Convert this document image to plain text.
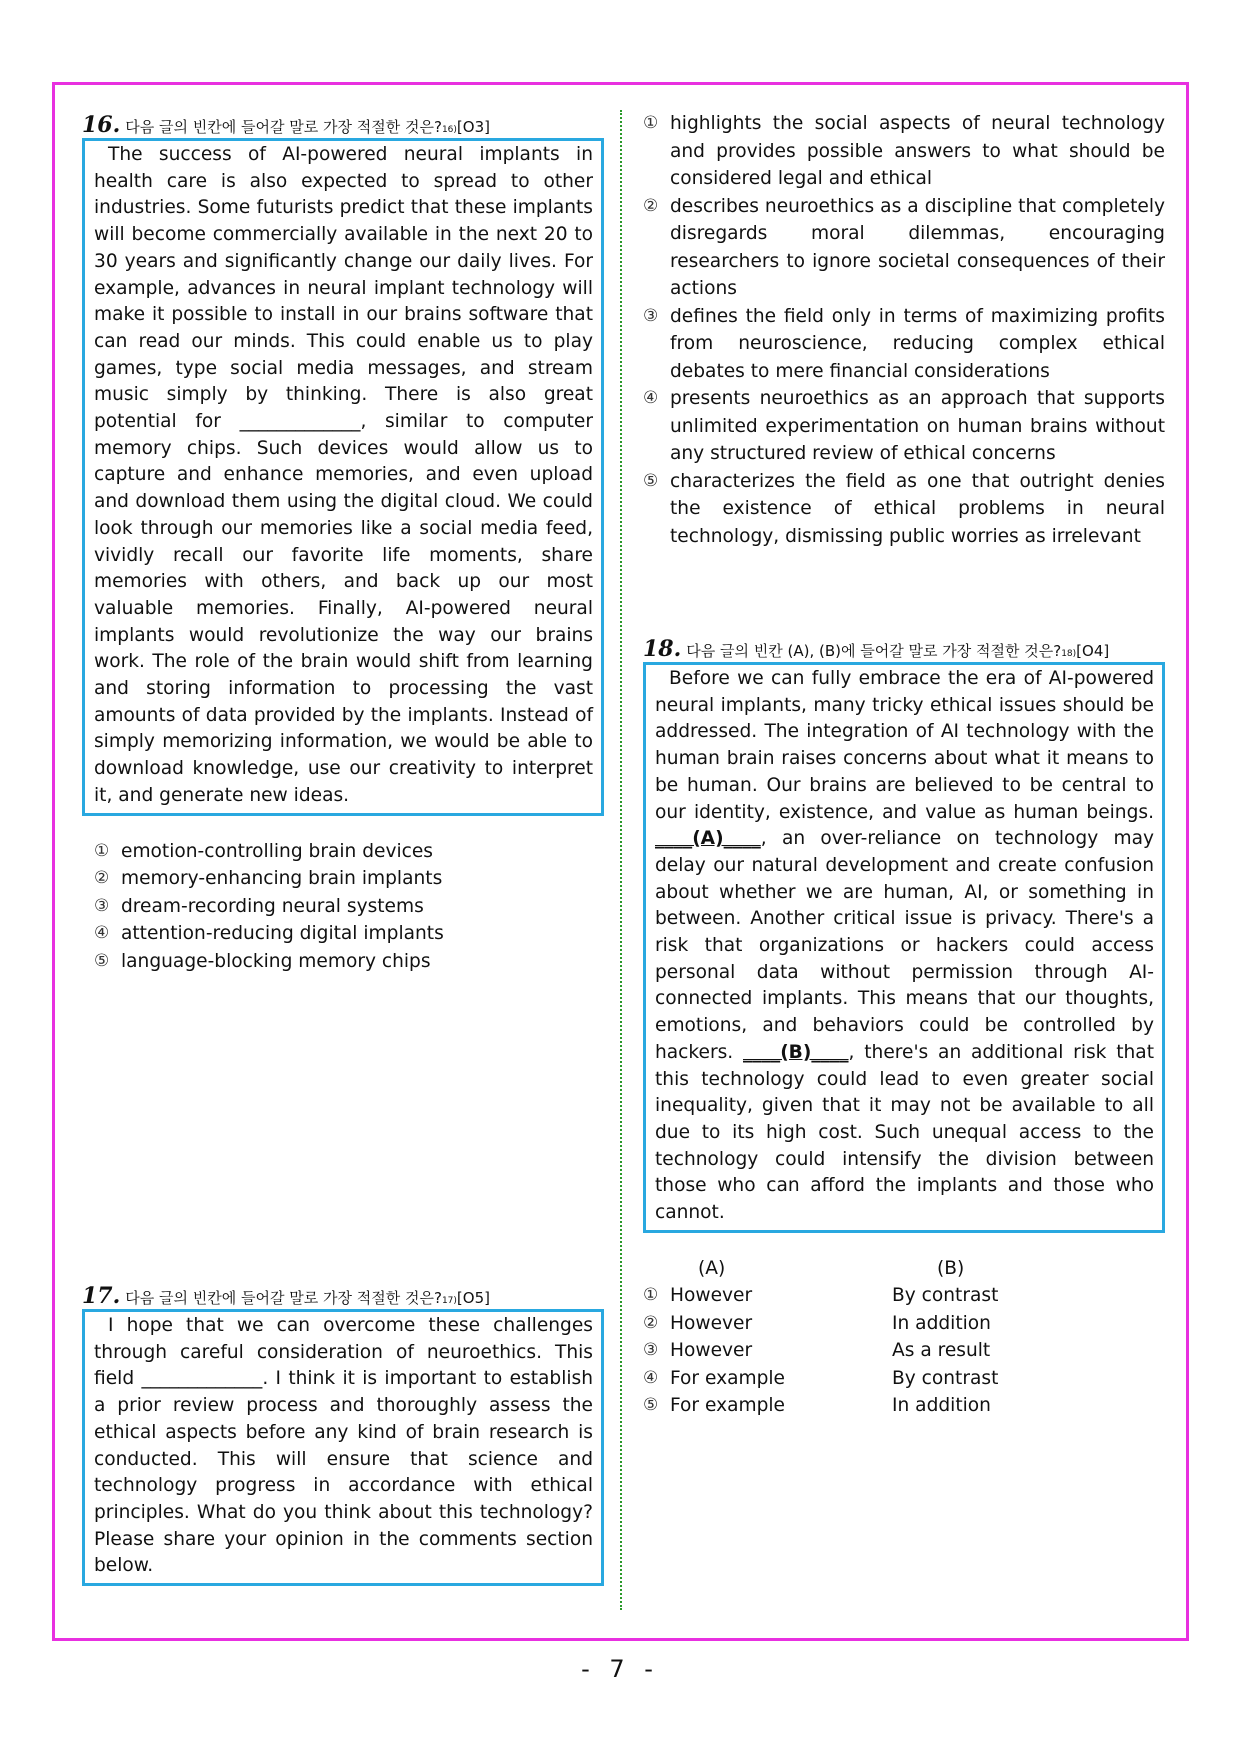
16. 다음 글의 빈칸에 들어갈 말로 가장 적절한 것은$?_{16)}$ [O3]
The success of AI-powered neural implants in health care is also expected to spread to other industries. Some futurists predict that these implants will become commercially available in the next 20 to 30 years and significantly change our daily lives. For example, advances in neural implant technology will make it possible to install in our brains software that can read our minds. This could enable us to play games, type social media messages, and stream music simply by thinking. There is also great potential for _____________, similar to computer memory chips. Such devices would allow us to capture and enhance memories, and even upload and download them using the digital cloud. We could look through our memories like a social media feed, vividly recall our favorite life moments, share memories with others, and back up our most valuable memories. Finally, AI-powered neural implants would revolutionize the way our brains work. The role of the brain would shift from learning and storing information to processing the vast amounts of data provided by the implants. Instead of simply memorizing information, we would be able to download knowledge, use our creativity to interpret it, and generate new ideas.
① emotion-controlling brain devices
② memory-enhancing brain implants
③ dream-recording neural systems
④ attention-reducing digital implants
⑤ language-blocking memory chips
17. 다음 글의 빈칸에 들어갈 말로 가장 적절한 것은$?_{17)}$ [O5]
I hope that we can overcome these challenges through careful consideration of neuroethics. This field _____________. I think it is important to establish a prior review process and thoroughly assess the ethical aspects before any kind of brain research is conducted. This will ensure that science and technology progress in accordance with ethical principles. What do you think about this technology? Please share your opinion in the comments section below.
① highlights the social aspects of neural technology and provides possible answers to what should be considered legal and ethical
② describes neuroethics as a discipline that completely disregards moral dilemmas, encouraging researchers to ignore societal consequences of their actions
③ defines the field only in terms of maximizing profits from neuroscience, reducing complex ethical debates to mere financial considerations
④ presents neuroethics as an approach that supports unlimited experimentation on human brains without any structured review of ethical concerns
⑤ characterizes the field as one that outright denies the existence of ethical problems in neural technology, dismissing public worries as irrelevant
18. 다음 글의 빈칸 (A), (B)에 들어갈 말로 가장 적절한 것은$?_{18)}$ [O4]
Before we can fully embrace the era of AI-powered neural implants, many tricky ethical issues should be addressed. The integration of AI technology with the human brain raises concerns about what it means to be human. Our brains are believed to be central to our identity, existence, and value as human beings. ____(A)____, an over-reliance on technology may delay our natural development and create confusion about whether we are human, AI, or something in between. Another critical issue is privacy. There's a risk that organizations or hackers could access personal data without permission through AI-connected implants. This means that our thoughts, emotions, and behaviors could be controlled by hackers. ____(B)____, there's an additional risk that this technology could lead to even greater social inequality, given that it may not be available to all due to its high cost. Such unequal access to the technology could intensify the division between those who can afford the implants and those who cannot.
(A)	(B)
① However	By contrast
② However	In addition
③ However	As a result
④ For example	By contrast
⑤ For example	In addition
- 7 -
